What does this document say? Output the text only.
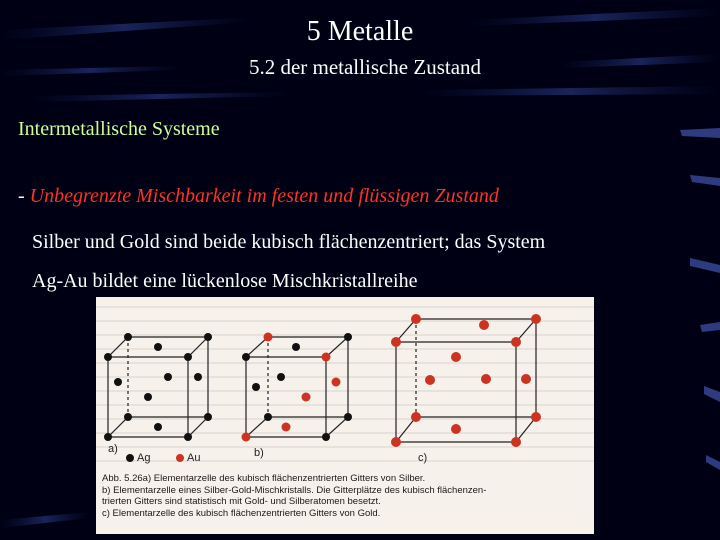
5 Metalle
5.2 der metallische Zustand
Intermetallische Systeme
- Unbegrenzte Mischbarkeit im festen und flüssigen Zustand
Silber und Gold sind beide kubisch flächenzentriert; das System
Ag-Au bildet eine lückenlose Mischkristallreihe
a)
Ag	Au	b)	c)
Abb. 5.26a) Elementarzelle des kubisch flächenzentrierten Gitters von Silber.
b) Elementarzelle eines Silber-Gold-Mischkristalls. Die Gitterplätze des kubisch flächenzen-
trierten Gitters sind statistisch mit Gold- und Silberatomen besetzt.
c) Elementarzelle des kubisch flächenzentrierten Gitters von Gold.
